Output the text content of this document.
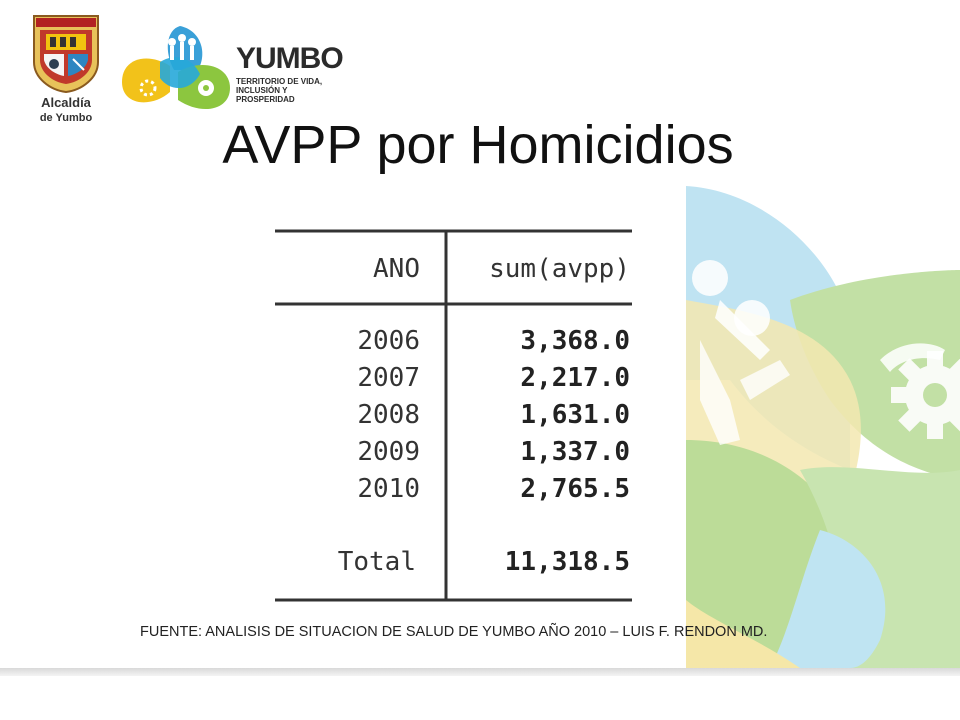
Alcaldía
de Yumbo
YUMBO
TERRITORIO DE VIDA,
INCLUSIÓN Y PROSPERIDAD
AVPP por Homicidios
ANO	sum(avpp)
2006	3,368.0
2007	2,217.0
2008	1,631.0
2009	1,337.0
2010	2,765.5
Total	11,318.5
FUENTE: ANALISIS DE SITUACION DE SALUD DE YUMBO AÑO 2010 – LUIS F. RENDON MD.
